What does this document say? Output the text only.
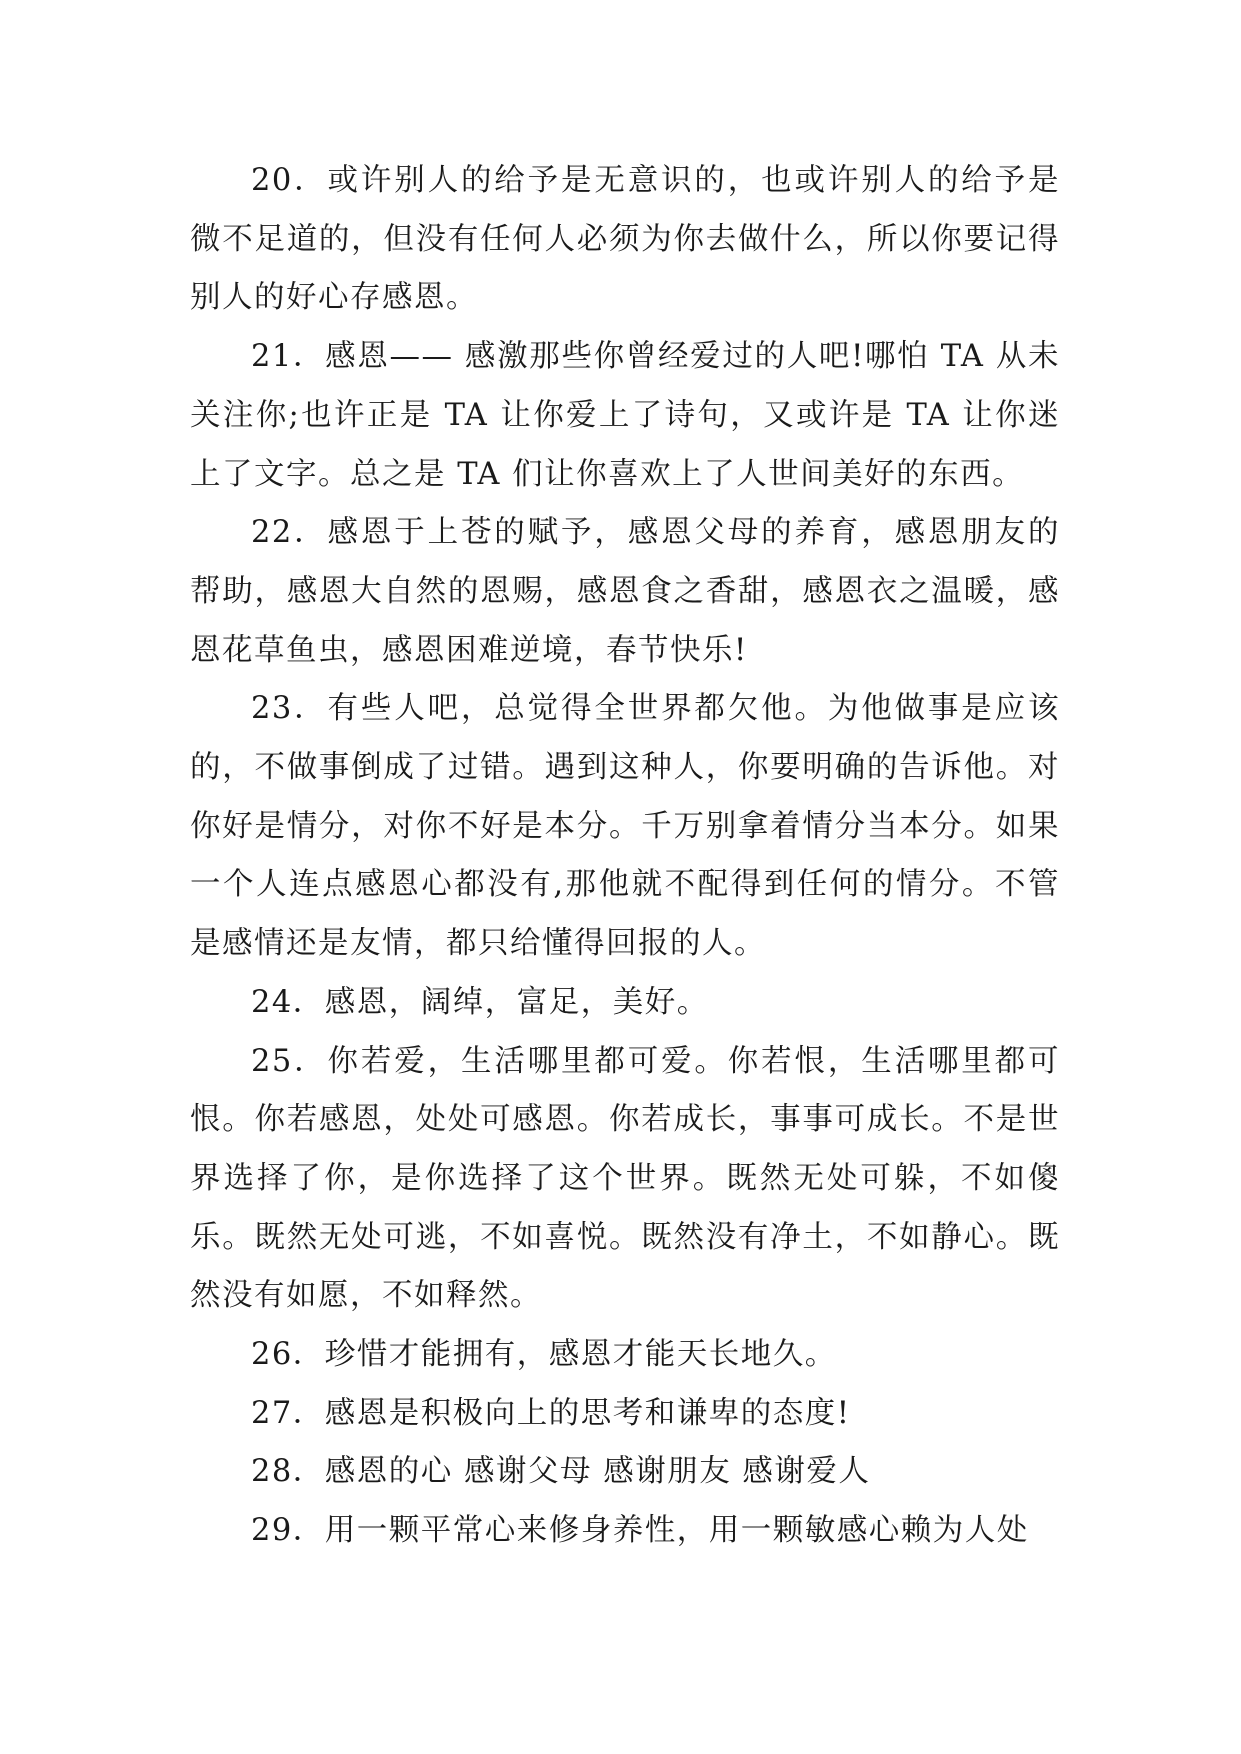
20．或许别人的给予是无意识的，也或许别人的给予是微不足道的，但没有任何人必须为你去做什么，所以你要记得别人的好心存感恩。

21．感恩—— 感激那些你曾经爱过的人吧!哪怕 TA 从未关注你;也许正是 TA 让你爱上了诗句，又或许是 TA 让你迷上了文字。总之是 TA 们让你喜欢上了人世间美好的东西。

22．感恩于上苍的赋予，感恩父母的养育，感恩朋友的帮助，感恩大自然的恩赐，感恩食之香甜，感恩衣之温暖，感恩花草鱼虫，感恩困难逆境，春节快乐!

23．有些人吧，总觉得全世界都欠他。为他做事是应该的，不做事倒成了过错。遇到这种人，你要明确的告诉他。对你好是情分，对你不好是本分。千万别拿着情分当本分。如果一个人连点感恩心都没有,那他就不配得到任何的情分。不管是感情还是友情，都只给懂得回报的人。

24．感恩，阔绰，富足，美好。

25．你若爱，生活哪里都可爱。你若恨，生活哪里都可恨。你若感恩，处处可感恩。你若成长，事事可成长。不是世界选择了你，是你选择了这个世界。既然无处可躲，不如傻乐。既然无处可逃，不如喜悦。既然没有净土，不如静心。既然没有如愿，不如释然。

26．珍惜才能拥有，感恩才能天长地久。

27．感恩是积极向上的思考和谦卑的态度!

28．感恩的心 感谢父母 感谢朋友 感谢爱人

29．用一颗平常心来修身养性，用一颗敏感心赖为人处
